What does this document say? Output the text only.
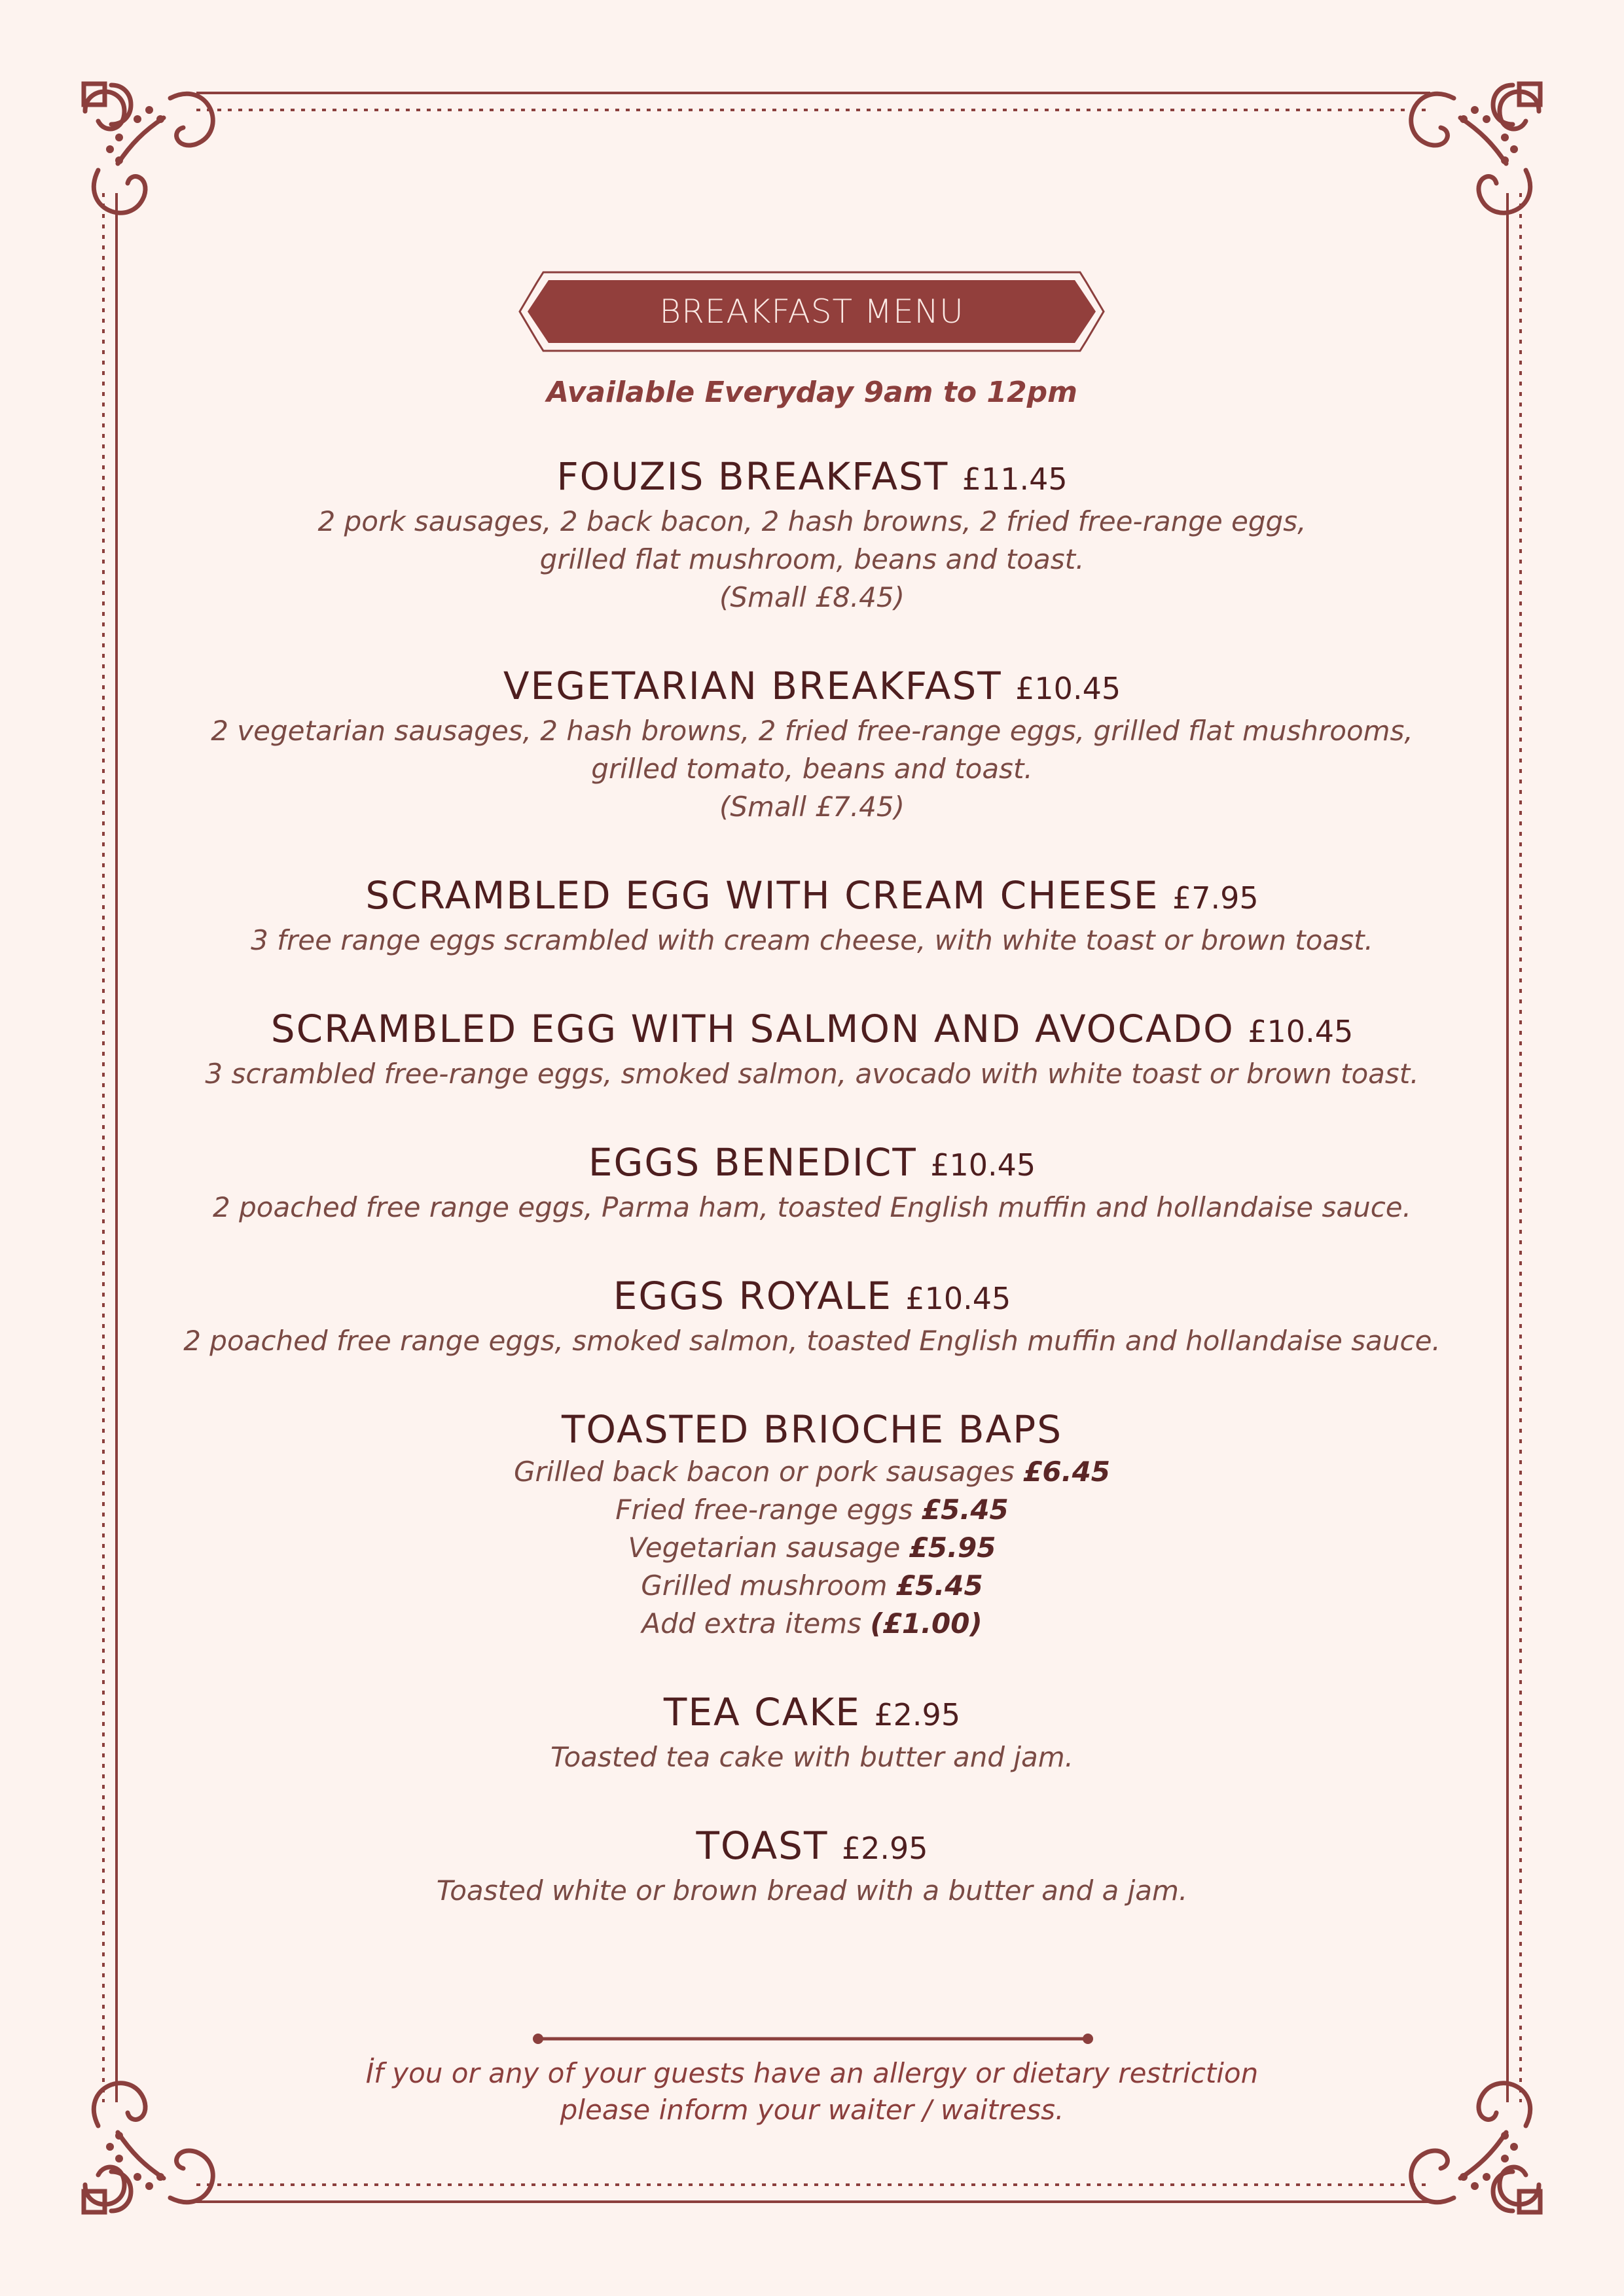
BREAKFAST MENU
Available Everyday 9am to 12pm
FOUZIS BREAKFAST £11.45
2 pork sausages, 2 back bacon, 2 hash browns, 2 fried free-range eggs,
grilled flat mushroom, beans and toast.
(Small £8.45)
VEGETARIAN BREAKFAST £10.45
2 vegetarian sausages, 2 hash browns, 2 fried free-range eggs, grilled flat mushrooms,
grilled tomato, beans and toast.
(Small £7.45)
SCRAMBLED EGG WITH CREAM CHEESE £7.95
3 free range eggs scrambled with cream cheese, with white toast or brown toast.
SCRAMBLED EGG WITH SALMON AND AVOCADO £10.45
3 scrambled free-range eggs, smoked salmon, avocado with white toast or brown toast.
EGGS BENEDICT £10.45
2 poached free range eggs, Parma ham, toasted English muffin and hollandaise sauce.
EGGS ROYALE £10.45
2 poached free range eggs, smoked salmon, toasted English muffin and hollandaise sauce.
TOASTED BRIOCHE BAPS
Grilled back bacon or pork sausages £6.45
Fried free-range eggs £5.45
Vegetarian sausage £5.95
Grilled mushroom £5.45
Add extra items (£1.00)
TEA CAKE £2.95
Toasted tea cake with butter and jam.
TOAST £2.95
Toasted white or brown bread with a butter and a jam.
İf you or any of your guests have an allergy or dietary restriction
please inform your waiter / waitress.
